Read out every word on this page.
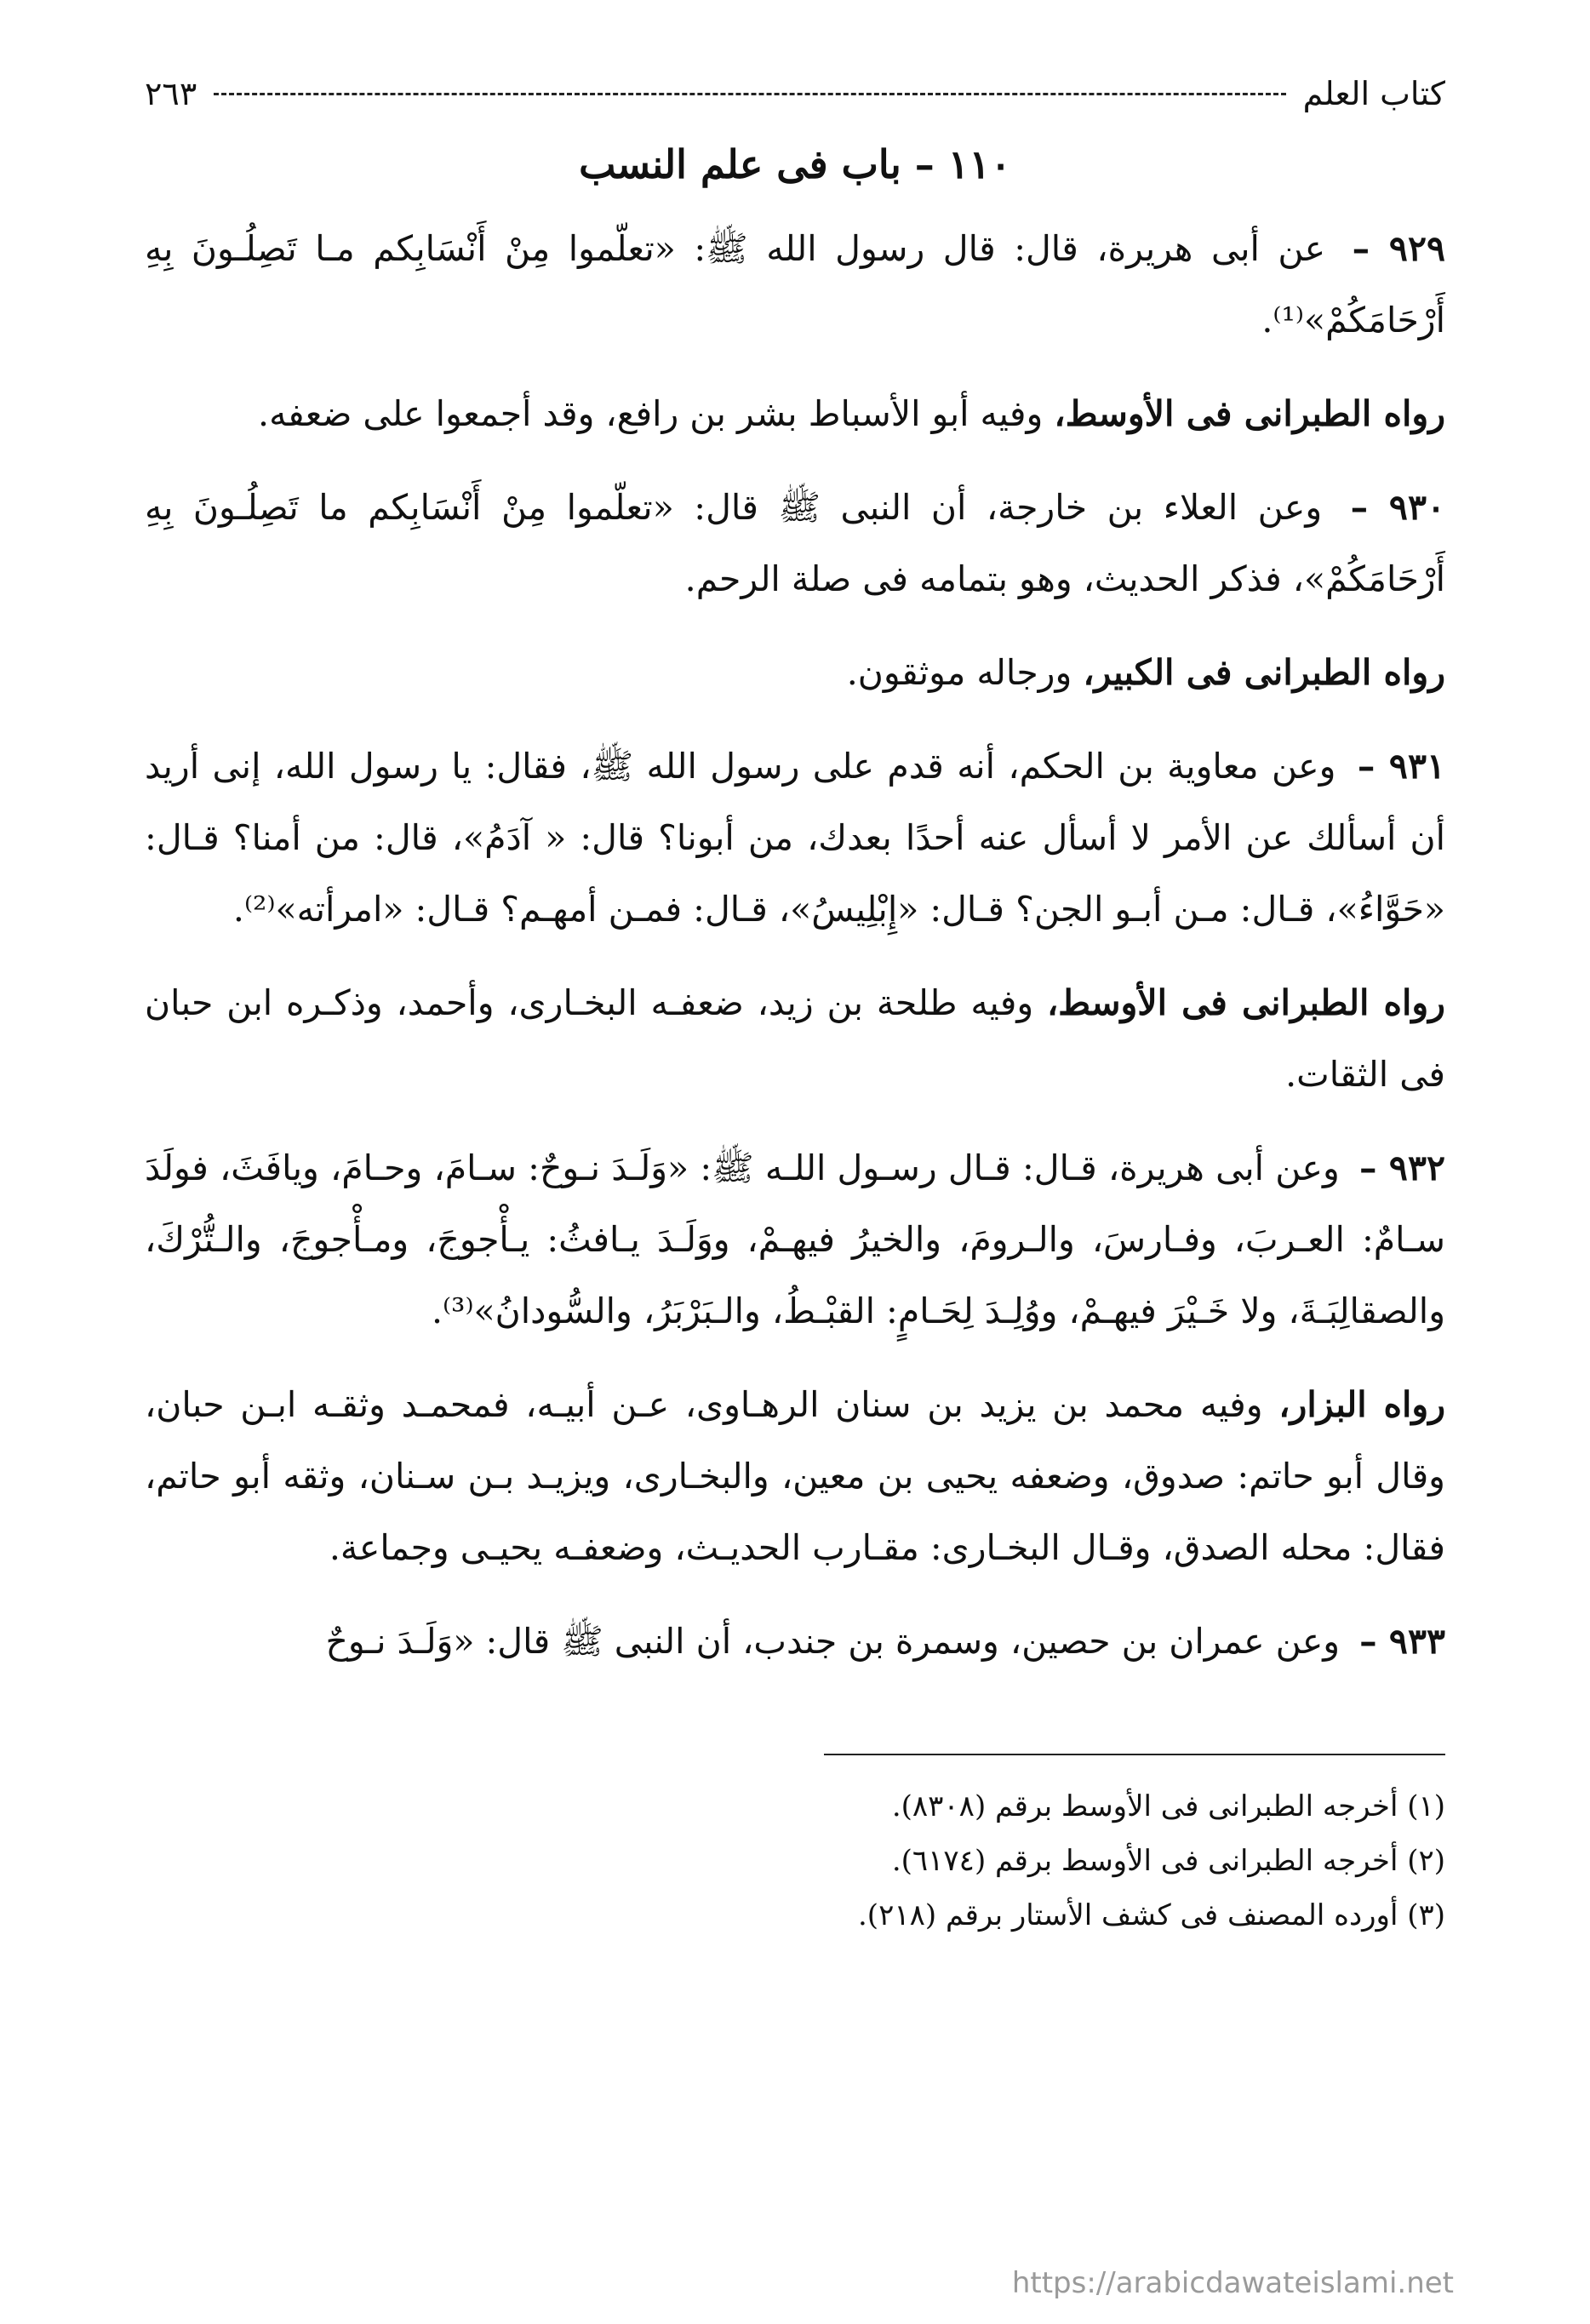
كتاب العلم
٢٦٣
١١٠ – باب فى علم النسب

٩٢٩ – عن أبى هريرة، قال: قال رسول الله ﷺ: «تعلّموا مِنْ أَنْسَابِكم مـا تَصِلُـونَ بِهِ أَرْحَامَكُمْ»⁽¹⁾.

رواه الطبرانى فى الأوسط، وفيه أبو الأسباط بشر بن رافع، وقد أجمعوا على ضعفه.

٩٣٠ – وعن العلاء بن خارجة، أن النبى ﷺ قال: «تعلّموا مِنْ أَنْسَابِكم ما تَصِلُـونَ بِهِ أَرْحَامَكُمْ»، فذكر الحديث، وهو بتمامه فى صلة الرحم.

رواه الطبرانى فى الكبير، ورجاله موثقون.

٩٣١ – وعن معاوية بن الحكم، أنه قدم على رسول الله ﷺ، فقال: يا رسول الله، إنى أريد أن أسألك عن الأمر لا أسأل عنه أحدًا بعدك، من أبونا؟ قال: « آدَمُ»، قال: من أمنا؟ قـال: «حَوَّاءُ»، قـال: مـن أبـو الجن؟ قـال: «إِبْلِيسُ»، قـال: فمـن أمهـم؟ قـال: «امرأته»⁽²⁾.

رواه الطبرانى فى الأوسط، وفيه طلحة بن زيد، ضعفـه البخـارى، وأحمد، وذكـره ابن حبان فى الثقات.

٩٣٢ – وعن أبى هريرة، قـال: قـال رسـول اللـه ﷺ: «وَلَـدَ نـوحٌ: سـامَ، وحـامَ، ويافَثَ، فولَدَ سـامٌ: العـربَ، وفـارسَ، والـرومَ، والخيرُ فيهـمْ، ووَلَـدَ يـافثُ: يـأْجوجَ، ومـأْجوجَ، والـتُّرْكَ، والصقالِبَـةَ، ولا خَـيْرَ فيهـمْ، ووُلِـدَ لِحَـامٍ: القبْـطُ، والـبَرْبَرُ، والسُّودانُ»⁽³⁾.

رواه البزار، وفيه محمد بن يزيد بن سنان الرهـاوى، عـن أبيـه، فمحمـد وثقـه ابـن حبان، وقال أبو حاتم: صدوق، وضعفه يحيى بن معين، والبخـارى، ويزيـد بـن سـنان، وثقه أبو حاتم، فقال: محله الصدق، وقـال البخـارى: مقـارب الحديـث، وضعفـه يحيـى وجماعة.

٩٣٣ – وعن عمران بن حصين، وسمرة بن جندب، أن النبى ﷺ قال: «وَلَـدَ نـوحٌ

(١) أخرجه الطبرانى فى الأوسط برقم (٨٣٠٨).
(٢) أخرجه الطبرانى فى الأوسط برقم (٦١٧٤).
(٣) أورده المصنف فى كشف الأستار برقم (٢١٨).
https://arabicdawateislami.net
